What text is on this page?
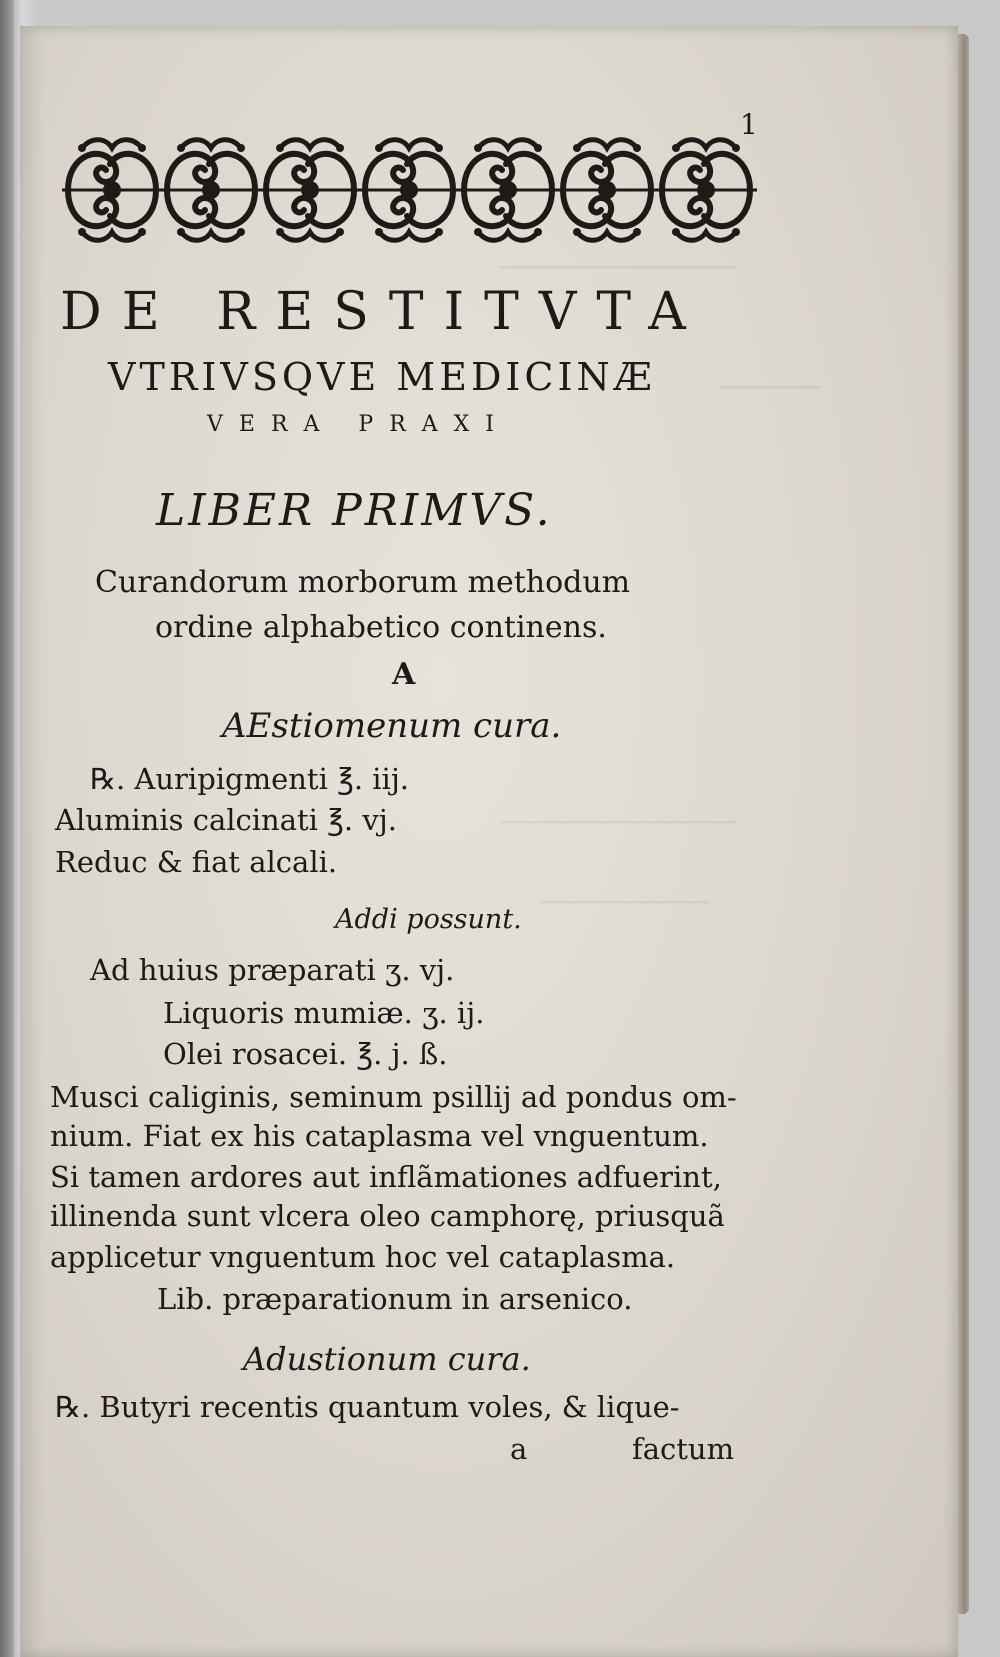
──────────────
──────
──────────────
──────────
1
DE RESTITVTA
VTRIVSQVE MEDICINÆ
VERA PRAXI
LIBER PRIMVS.
Curandorum morborum methodum
ordine alphabetico continens.
A
AEstiomenum cura.
℞. Auripigmenti ℥. iij.
Aluminis calcinati ℥. vj.
Reduc & fiat alcali.
Addi possunt.
Ad huius præparati ʒ. vj.
Liquoris mumiæ. ʒ. ij.
Olei rosacei. ℥. j. ß.
Musci caliginis, seminum psillij ad pondus om-
nium. Fiat ex his cataplasma vel vnguentum.
Si tamen ardores aut inflãmationes adfuerint,
illinenda sunt vlcera oleo camphorę, priusquã
applicetur vnguentum hoc vel cataplasma.
Lib. præparationum in arsenico.
Adustionum cura.
℞. Butyri recentis quantum voles, & lique-
a	factum
